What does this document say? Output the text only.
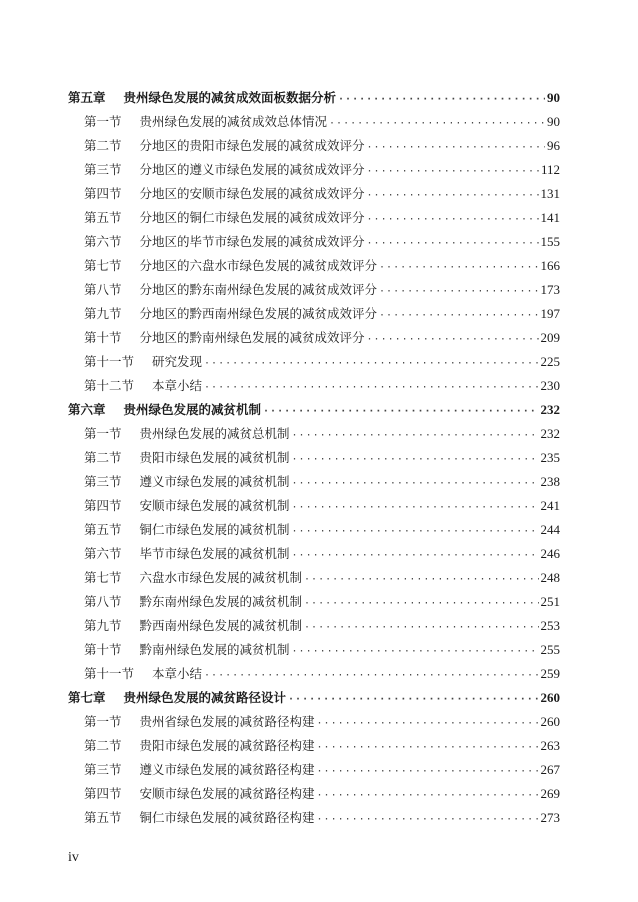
第五章 贵州绿色发展的减贫成效面板数据分析 ·····	90
第一节 贵州绿色发展的减贫成效总体情况 ·····	90
第二节 分地区的贵阳市绿色发展的减贫成效评分 ·····	96
第三节 分地区的遵义市绿色发展的减贫成效评分 ·····	112
第四节 分地区的安顺市绿色发展的减贫成效评分 ·····	131
第五节 分地区的铜仁市绿色发展的减贫成效评分 ·····	141
第六节 分地区的毕节市绿色发展的减贫成效评分 ·····	155
第七节 分地区的六盘水市绿色发展的减贫成效评分 ·····	166
第八节 分地区的黔东南州绿色发展的减贫成效评分 ·····	173
第九节 分地区的黔西南州绿色发展的减贫成效评分 ·····	197
第十节 分地区的黔南州绿色发展的减贫成效评分 ·····	209
第十一节 研究发现 ·····	225
第十二节 本章小结 ·····	230
第六章 贵州绿色发展的减贫机制 ·····	232
第一节 贵州绿色发展的减贫总机制 ·····	232
第二节 贵阳市绿色发展的减贫机制 ·····	235
第三节 遵义市绿色发展的减贫机制 ·····	238
第四节 安顺市绿色发展的减贫机制 ·····	241
第五节 铜仁市绿色发展的减贫机制 ·····	244
第六节 毕节市绿色发展的减贫机制 ·····	246
第七节 六盘水市绿色发展的减贫机制 ·····	248
第八节 黔东南州绿色发展的减贫机制 ·····	251
第九节 黔西南州绿色发展的减贫机制 ·····	253
第十节 黔南州绿色发展的减贫机制 ·····	255
第十一节 本章小结 ·····	259
第七章 贵州绿色发展的减贫路径设计 ·····	260
第一节 贵州省绿色发展的减贫路径构建 ·····	260
第二节 贵阳市绿色发展的减贫路径构建 ·····	263
第三节 遵义市绿色发展的减贫路径构建 ·····	267
第四节 安顺市绿色发展的减贫路径构建 ·····	269
第五节 铜仁市绿色发展的减贫路径构建 ·····	273
iv
